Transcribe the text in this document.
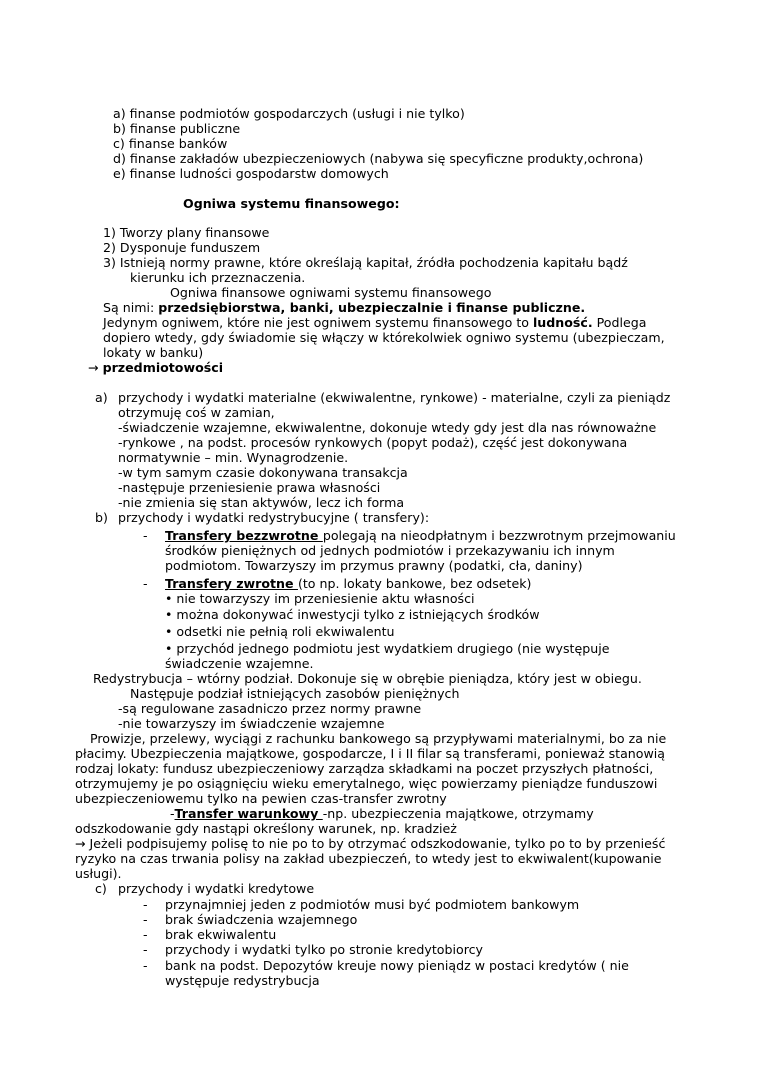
a) finanse podmiotów gospodarczych (usługi i nie tylko)
b) finanse publiczne
c) finanse banków
d) finanse zakładów ubezpieczeniowych (nabywa się specyficzne produkty,ochrona)
e) finanse ludności gospodarstw domowych
Ogniwa systemu finansowego:
1) Tworzy plany finansowe
2) Dysponuje funduszem
3) Istnieją normy prawne, które określają kapitał, źródła pochodzenia kapitału bądź
kierunku ich przeznaczenia.
Ogniwa finansowe ogniwami systemu finansowego
Są nimi: przedsiębiorstwa, banki, ubezpieczalnie i finanse publiczne.
Jedynym ogniwem, które nie jest ogniwem systemu finansowego to ludność. Podlega
dopiero wtedy, gdy świadomie się włączy w którekolwiek ogniwo systemu (ubezpieczam,
lokaty w banku)
→ przedmiotowości
a) przychody i wydatki materialne (ekwiwalentne, rynkowe) - materialne, czyli za pieniądz
otrzymuję coś w zamian,
-świadczenie wzajemne, ekwiwalentne, dokonuje wtedy gdy jest dla nas równoważne
-rynkowe , na podst. procesów rynkowych (popyt podaż), część jest dokonywana
normatywnie – min. Wynagrodzenie.
-w tym samym czasie dokonywana transakcja
-następuje przeniesienie prawa własności
-nie zmienia się stan aktywów, lecz ich forma
b) przychody i wydatki redystrybucyjne ( transfery):
- Transfery bezzwrotne polegają na nieodpłatnym i bezzwrotnym przejmowaniu
środków pieniężnych od jednych podmiotów i przekazywaniu ich innym
podmiotom. Towarzyszy im przymus prawny (podatki, cła, daniny)
- Transfery zwrotne (to np. lokaty bankowe, bez odsetek)
• nie towarzyszy im przeniesienie aktu własności
• można dokonywać inwestycji tylko z istniejących środków
• odsetki nie pełnią roli ekwiwalentu
• przychód jednego podmiotu jest wydatkiem drugiego (nie występuje
świadczenie wzajemne.
Redystrybucja – wtórny podział. Dokonuje się w obrębie pieniądza, który jest w obiegu.
Następuje podział istniejących zasobów pieniężnych
-są regulowane zasadniczo przez normy prawne
-nie towarzyszy im świadczenie wzajemne
Prowizje, przelewy, wyciągi z rachunku bankowego są przypływami materialnymi, bo za nie
płacimy. Ubezpieczenia majątkowe, gospodarcze, I i II filar są transferami, ponieważ stanowią
rodzaj lokaty: fundusz ubezpieczeniowy zarządza składkami na poczet przyszłych płatności,
otrzymujemy je po osiągnięciu wieku emerytalnego, więc powierzamy pieniądze funduszowi
ubezpieczeniowemu tylko na pewien czas-transfer zwrotny
-Transfer warunkowy -np. ubezpieczenia majątkowe, otrzymamy
odszkodowanie gdy nastąpi określony warunek, np. kradzież
→ Jeżeli podpisujemy polisę to nie po to by otrzymać odszkodowanie, tylko po to by przenieść
ryzyko na czas trwania polisy na zakład ubezpieczeń, to wtedy jest to ekwiwalent(kupowanie
usługi).
c) przychody i wydatki kredytowe
- przynajmniej jeden z podmiotów musi być podmiotem bankowym
- brak świadczenia wzajemnego
- brak ekwiwalentu
- przychody i wydatki tylko po stronie kredytobiorcy
- bank na podst. Depozytów kreuje nowy pieniądz w postaci kredytów ( nie
występuje redystrybucja
